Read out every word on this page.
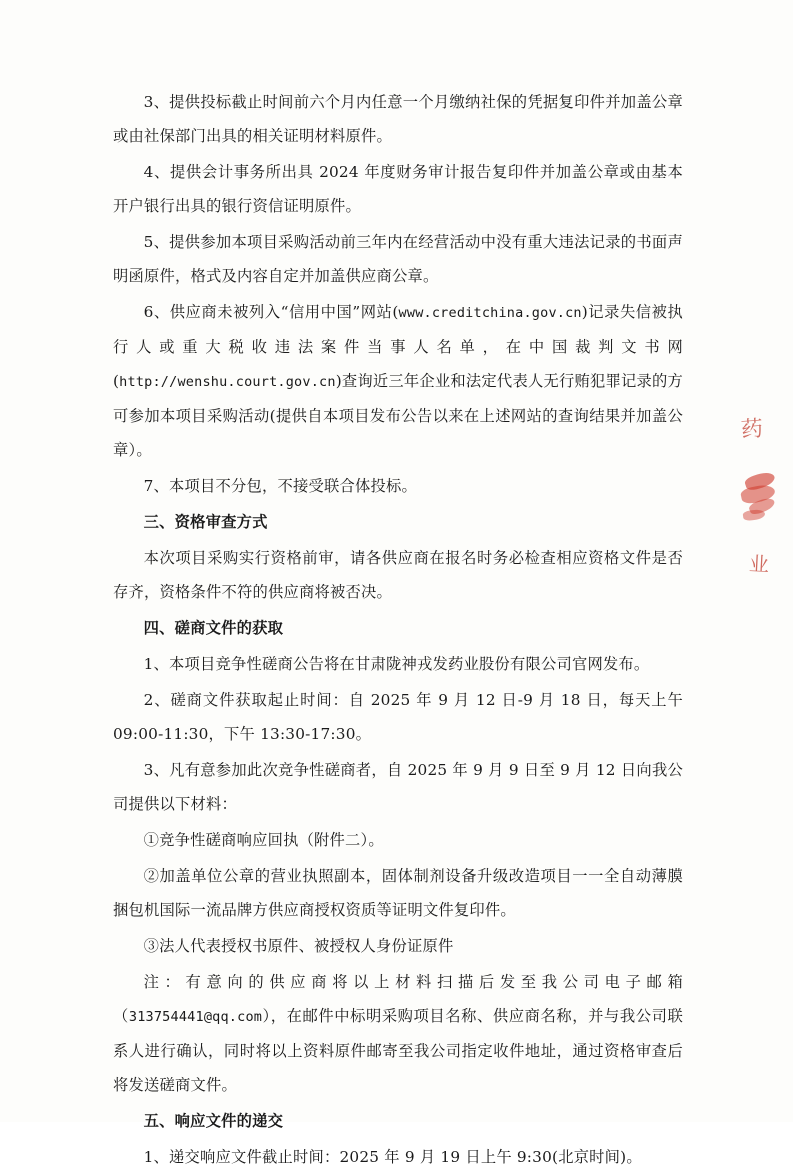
3、提供投标截止时间前六个月内任意一个月缴纳社保的凭据复印件并加盖公章或由社保部门出具的相关证明材料原件。

4、提供会计事务所出具 2024 年度财务审计报告复印件并加盖公章或由基本开户银行出具的银行资信证明原件。

5、提供参加本项目采购活动前三年内在经营活动中没有重大违法记录的书面声明函原件，格式及内容自定并加盖供应商公章。

6、供应商未被列入“信用中国”网站(www.creditchina.gov.cn)记录失信被执行人或重大税收违法案件当事人名单，在中国裁判文书网(http://wenshu.court.gov.cn)查询近三年企业和法定代表人无行贿犯罪记录的方可参加本项目采购活动(提供自本项目发布公告以来在上述网站的查询结果并加盖公章）。

7、本项目不分包，不接受联合体投标。

三、资格审查方式

本次项目采购实行资格前审，请各供应商在报名时务必检查相应资格文件是否存齐，资格条件不符的供应商将被否决。

四、磋商文件的获取

1、本项目竞争性磋商公告将在甘肃陇神戎发药业股份有限公司官网发布。

2、磋商文件获取起止时间：自 2025 年 9 月 12 日-9 月 18 日，每天上午 09:00-11:30，下午 13:30-17:30。

3、凡有意参加此次竞争性磋商者，自 2025 年 9 月 9 日至 9 月 12 日向我公司提供以下材料：

①竞争性磋商响应回执（附件二）。

②加盖单位公章的营业执照副本，固体制剂设备升级改造项目一一全自动薄膜捆包机国际一流品牌方供应商授权资质等证明文件复印件。

③法人代表授权书原件、被授权人身份证原件

注：有意向的供应商将以上材料扫描后发至我公司电子邮箱（313754441@qq.com），在邮件中标明采购项目名称、供应商名称，并与我公司联系人进行确认，同时将以上资料原件邮寄至我公司指定收件地址，通过资格审查后将发送磋商文件。

五、响应文件的递交

1、递交响应文件截止时间：2025 年 9 月 19 日上午 9:30(北京时间)。

药
业
